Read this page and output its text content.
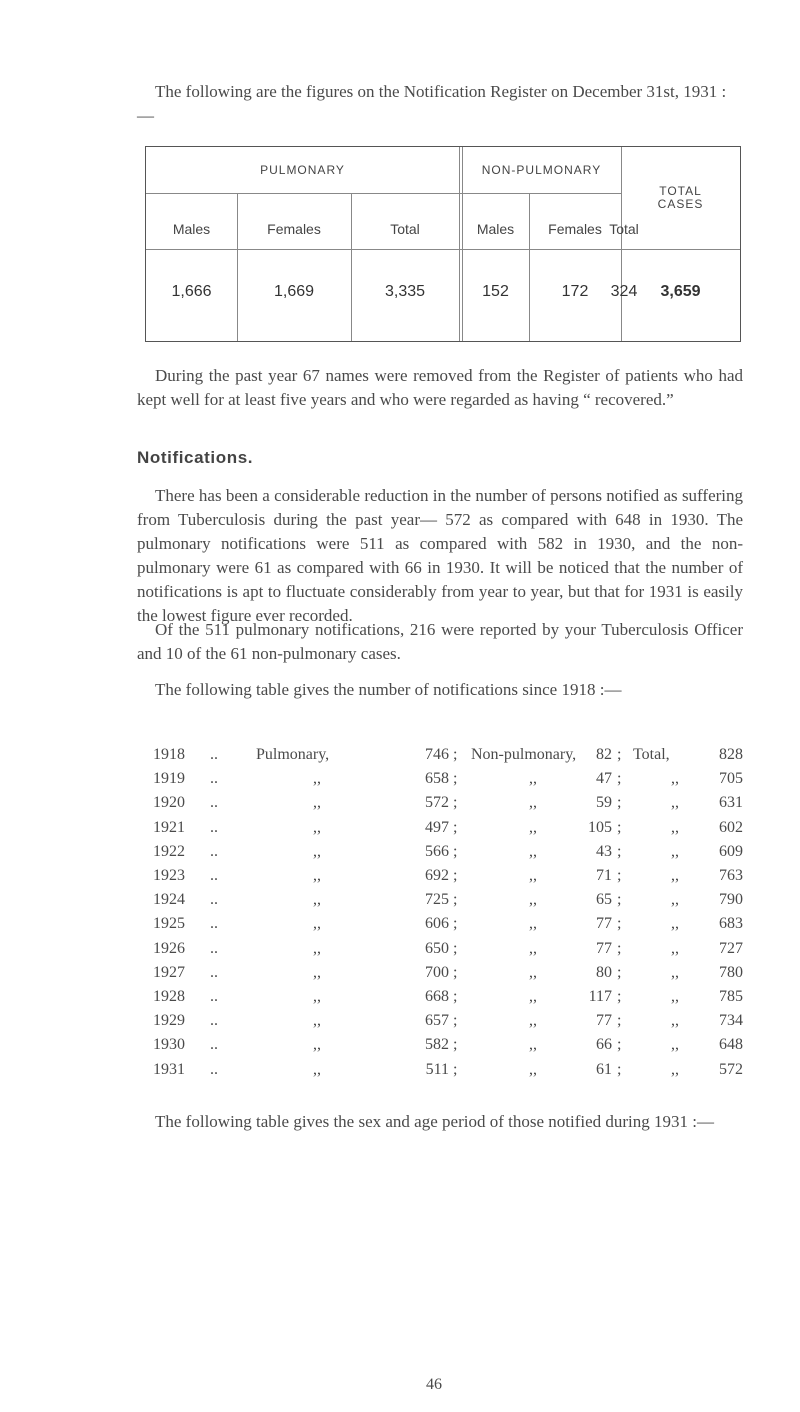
The following are the figures on the Notification Register on December 31st, 1931 :—

PULMONARY	NON-PULMONARY
TOTAL
CASES
Males	Females	Total	Males	Females Total
1,666	1,669	3,335	152	172	324	3,659

During the past year 67 names were removed from the Register of patients who had kept well for at least five years and who were regarded as having “ recovered.”

Notifications.

There has been a considerable reduction in the number of persons notified as suffering from Tuberculosis during the past year— 572 as compared with 648 in 1930. The pulmonary notifications were 511 as compared with 582 in 1930, and the non-pulmonary were 61 as compared with 66 in 1930. It will be noticed that the number of notifications is apt to fluctuate considerably from year to year, but that for 1931 is easily the lowest figure ever recorded.

Of the 511 pulmonary notifications, 216 were reported by your Tuberculosis Officer and 10 of the 61 non-pulmonary cases.

The following table gives the number of notifications since 1918 :—

1918 .. Pulmonary,	746 ; Non-pulmonary,	82 ; Total,	828
1919 ..	,,	658 ;	,,	47 ;	,,	705
1920 ..	,,	572 ;	,,	59 ;	,,	631
1921 ..	,,	497 ;	,,	105 ;	,,	602
1922 ..	,,	566 ;	,,	43 ;	,,	609
1923 ..	,,	692 ;	,,	71 ;	,,	763
1924 ..	,,	725 ;	,,	65 ;	,,	790
1925 ..	,,	606 ;	,,	77 ;	,,	683
1926 ..	,,	650 ;	,,	77 ;	,,	727
1927 ..	,,	700 ;	,,	80 ;	,,	780
1928 ..	,,	668 ;	,,	117 ;	,,	785
1929 ..	,,	657 ;	,,	77 ;	,,	734
1930 ..	,,	582 ;	,,	66 ;	,,	648
1931 ..	,,	511 ;	,,	61 ;	,,	572

The following table gives the sex and age period of those notified during 1931 :—

46
